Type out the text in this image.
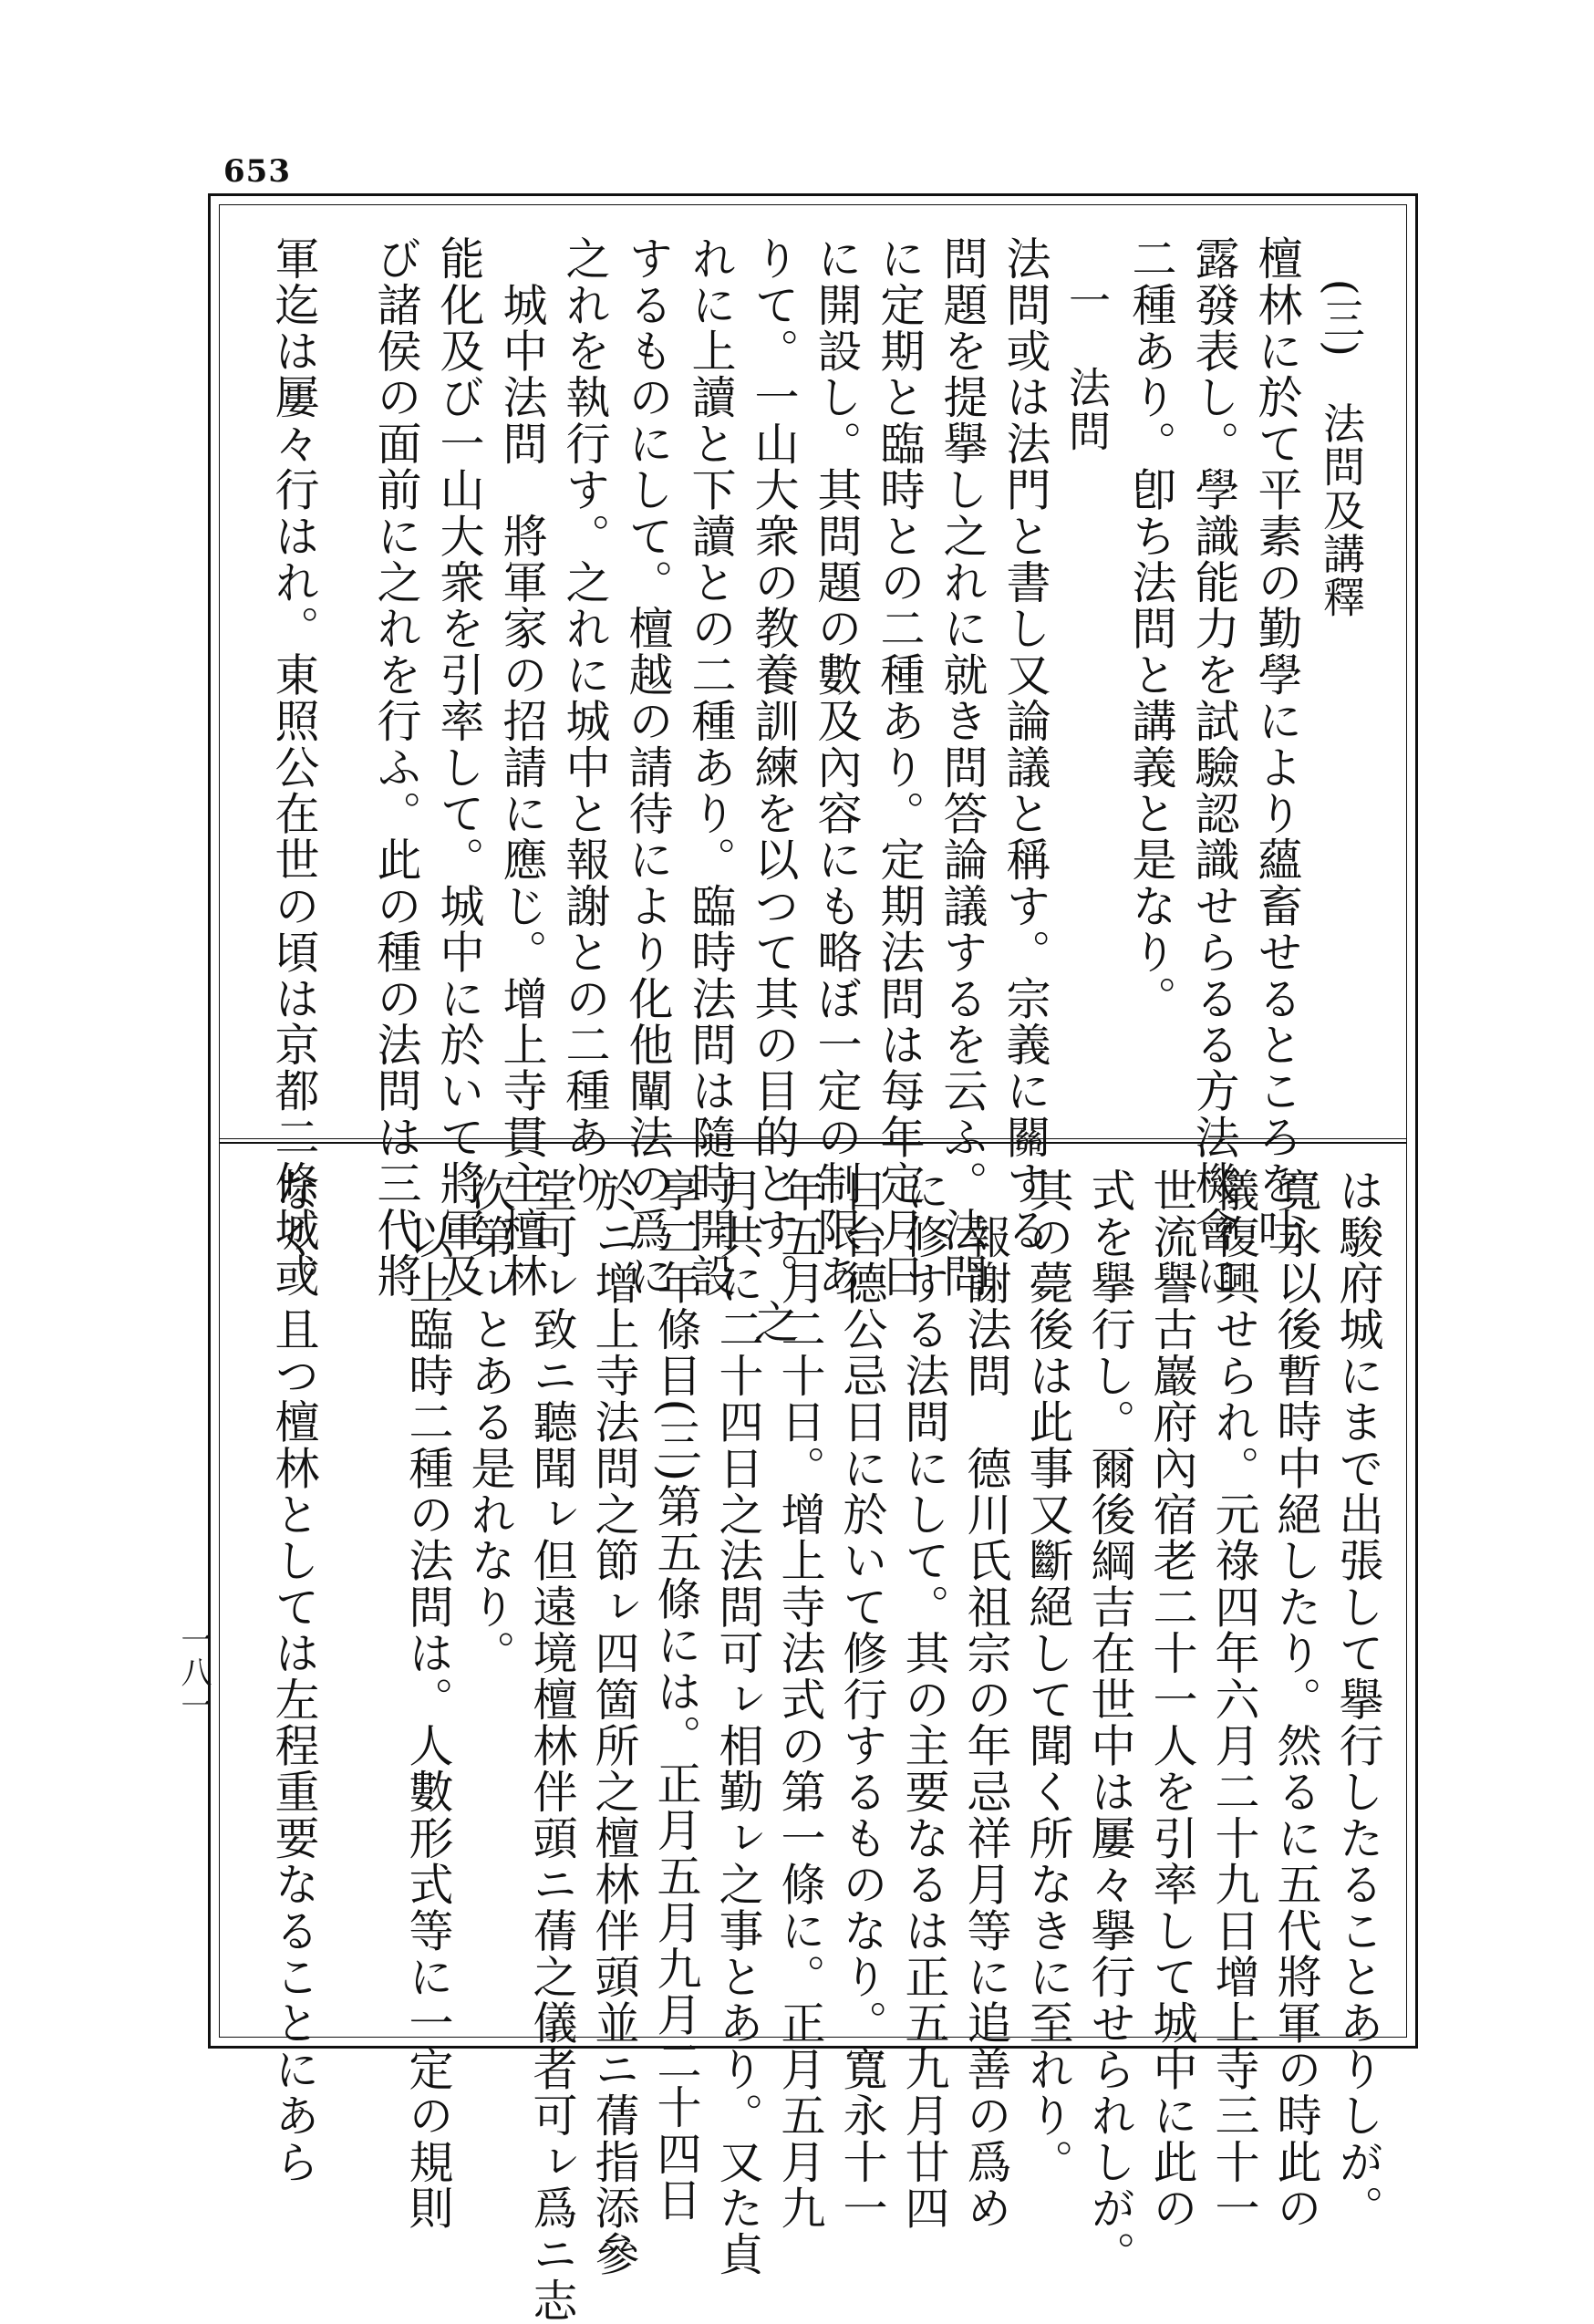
653
一八一
　(三)　法問及講釋
檀林に於て平素の勤學により蘊畜せるところを吐
露發表し。學識能力を試驗認識せらるる方法機會に
二種あり。卽ち法問と講義と是なり。
　一　法問
法問或は法門と書し又論議と稱す。宗義に關する
問題を提擧し之れに就き問答論議するを云ふ。法問
に定期と臨時との二種あり。定期法問は每年定月日
に開設し。其問題の數及內容にも略ぼ一定の制限あ
りて。一山大衆の教養訓練を以つて其の目的とす。之
れに上讀と下讀との二種あり。臨時法問は隨時開設
するものにして。檀越の請待により化他闡法の爲に
之れを執行す。之れに城中と報謝との二種あり
　城中法問　將軍家の招請に應じ。增上寺貫主檀林
能化及び一山大衆を引率して。城中に於いて將軍及
び諸侯の面前に之れを行ふ。此の種の法問は三代將
軍迄は屢々行はれ。東照公在世の頃は京都二條城或
は駿府城にまで出張して擧行したることありしが。
寬永以後暫時中絕したり。然るに五代將軍の時此の
儀復興せられ。元祿四年六月二十九日增上寺三十一
世流譽古巖府內宿老二十一人を引率して城中に此の
式を擧行し。爾後綱吉在世中は屢々擧行せられしが。
其の薨後は此事又斷絕して聞く所なきに至れり。
　報謝法問　德川氏祖宗の年忌祥月等に追善の爲め
に修する法問にして。其の主要なるは正五九月廿四
日台德公忌日に於いて修行するものなり。寬永十一
年五月二十日。增上寺法式の第一條に。正月五月九
月共に二十四日之法問可ㇾ相勤ㇾ之事とあり。又た貞
享二年條目(三)第五條には。正月五月九月二十四日
於ニ增上寺法問之節ㇾ四箇所之檀林伴頭並ニ蒨指添參
堂可ㇾ致ニ聽聞ㇾ但遠境檀林伴頭ニ蒨之儀者可ㇾ爲ニ志
次第ㇾとある是れなり。
　以上臨時二種の法問は。人數形式等に一定の規則
なく。且つ檀林としては左程重要なることにあら
